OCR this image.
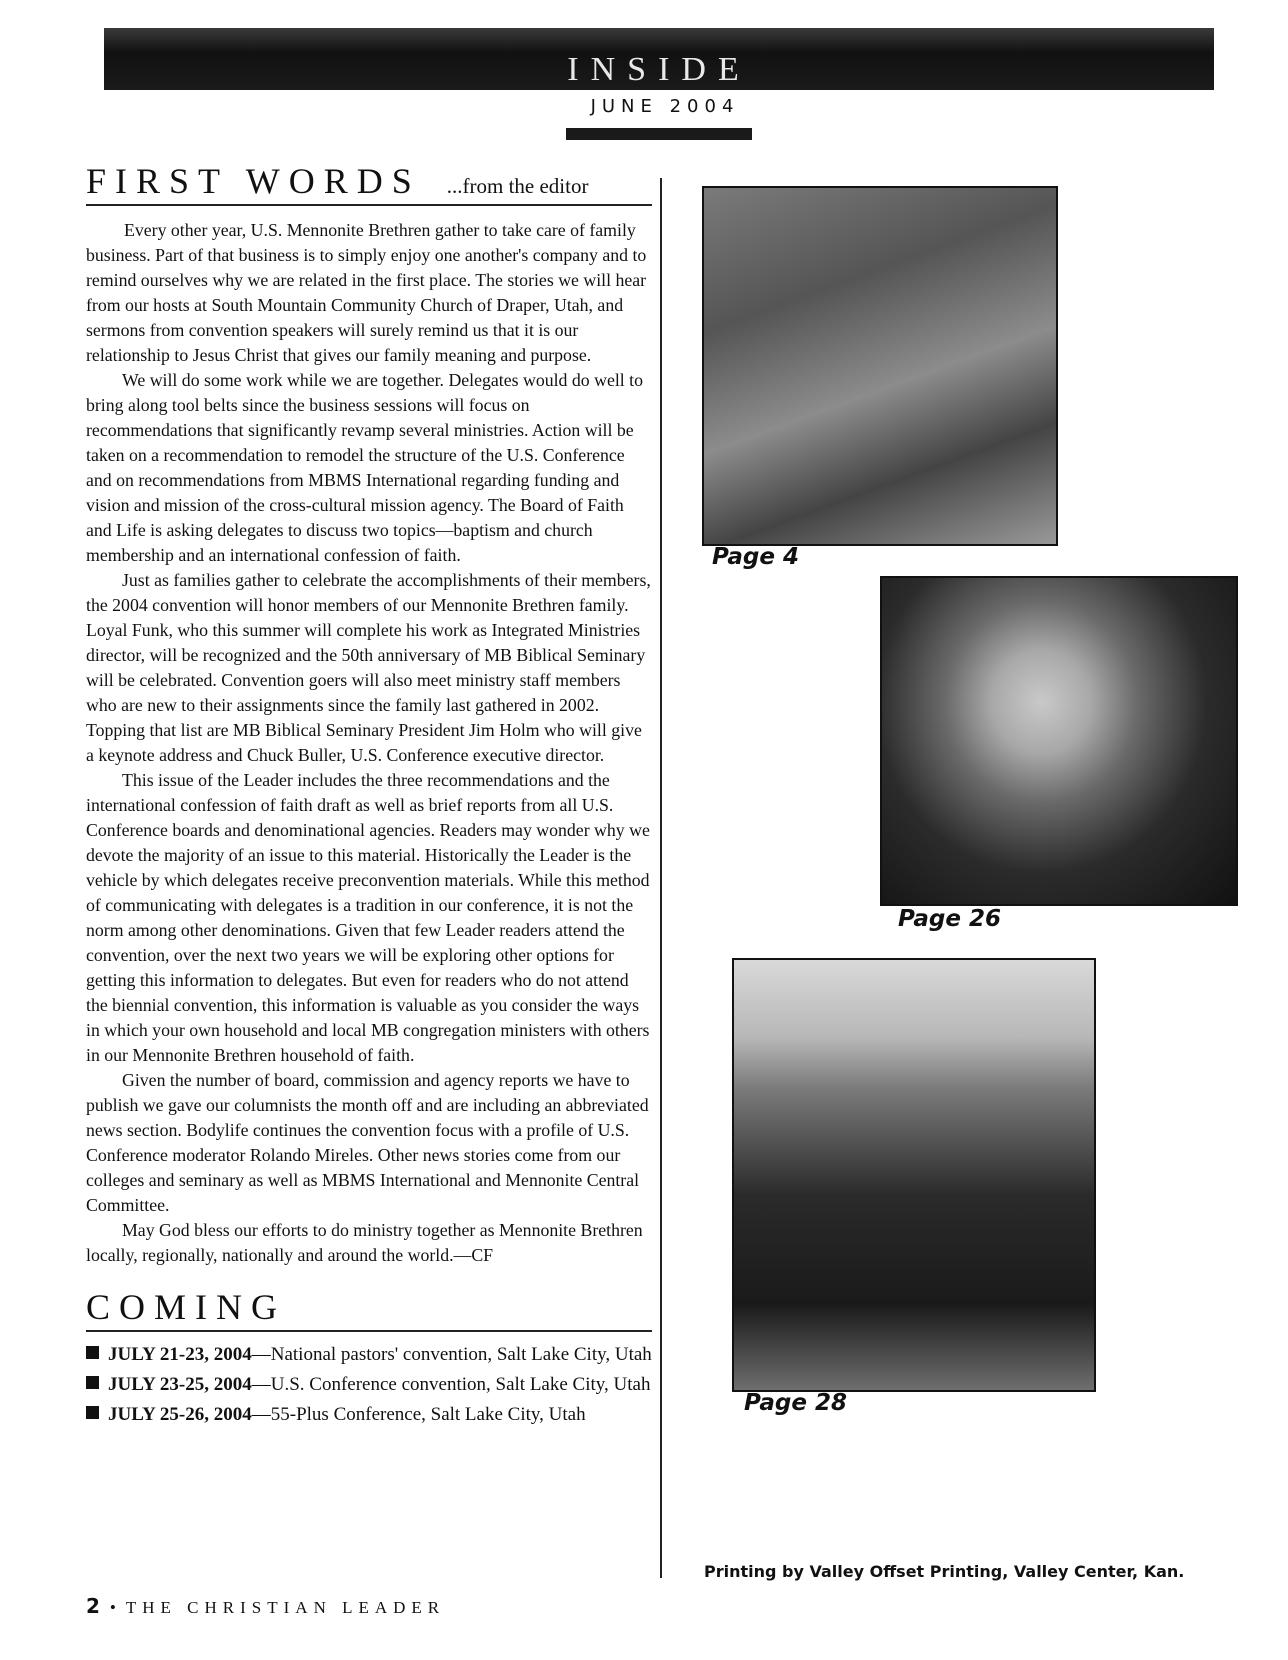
INSIDE
JUNE 2004
FIRST WORDS ...from the editor

Every other year, U.S. Mennonite Brethren gather to take care of family business. Part of that business is to simply enjoy one another's company and to remind ourselves why we are related in the first place. The stories we will hear from our hosts at South Mountain Community Church of Draper, Utah, and sermons from convention speakers will surely remind us that it is our relationship to Jesus Christ that gives our family meaning and purpose.

We will do some work while we are together. Delegates would do well to bring along tool belts since the business sessions will focus on recommendations that significantly revamp several ministries. Action will be taken on a recommendation to remodel the structure of the U.S. Conference and on recommendations from MBMS International regarding funding and vision and mission of the cross-cultural mission agency. The Board of Faith and Life is asking delegates to discuss two topics—baptism and church membership and an international confession of faith.

Just as families gather to celebrate the accomplishments of their members, the 2004 convention will honor members of our Mennonite Brethren family. Loyal Funk, who this summer will complete his work as Integrated Ministries director, will be recognized and the 50th anniversary of MB Biblical Seminary will be celebrated. Convention goers will also meet ministry staff members who are new to their assignments since the family last gathered in 2002. Topping that list are MB Biblical Seminary President Jim Holm who will give a keynote address and Chuck Buller, U.S. Conference executive director.

This issue of the Leader includes the three recommendations and the international confession of faith draft as well as brief reports from all U.S. Conference boards and denominational agencies. Readers may wonder why we devote the majority of an issue to this material. Historically the Leader is the vehicle by which delegates receive preconvention materials. While this method of communicating with delegates is a tradition in our conference, it is not the norm among other denominations. Given that few Leader readers attend the convention, over the next two years we will be exploring other options for getting this information to delegates. But even for readers who do not attend the biennial convention, this information is valuable as you consider the ways in which your own household and local MB congregation ministers with others in our Mennonite Brethren household of faith.

Given the number of board, commission and agency reports we have to publish we gave our columnists the month off and are including an abbreviated news section. Bodylife continues the convention focus with a profile of U.S. Conference moderator Rolando Mireles. Other news stories come from our colleges and seminary as well as MBMS International and Mennonite Central Committee.

May God bless our efforts to do ministry together as Mennonite Brethren locally, regionally, nationally and around the world.—CF

COMING
JULY 21-23, 2004—National pastors' convention, Salt Lake City, Utah
JULY 23-25, 2004—U.S. Conference convention, Salt Lake City, Utah
JULY 25-26, 2004—55-Plus Conference, Salt Lake City, Utah
Page 4
Page 26
Page 28
Printing by Valley Offset Printing, Valley Center, Kan.
2 • THE CHRISTIAN LEADER
